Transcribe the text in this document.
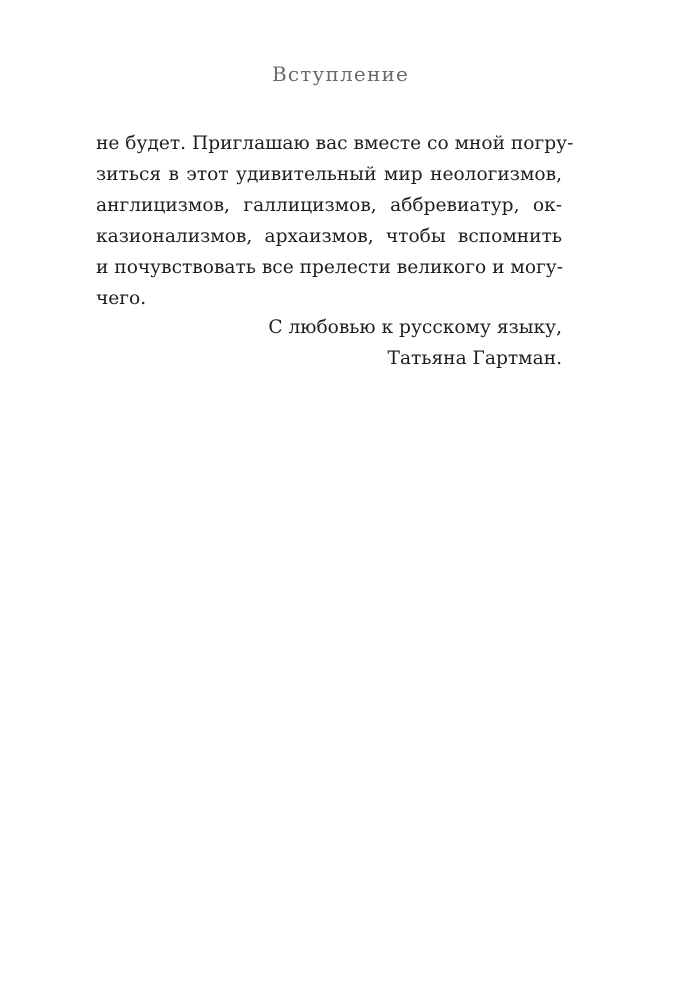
Вступление
не будет. Приглашаю вас вместе со мной погру-
зиться в этот удивительный мир неологизмов,
англицизмов, галлицизмов, аббревиатур, ок-
казионализмов, архаизмов, чтобы вспомнить
и почувствовать все прелести великого и могу-
чего.
С любовью к русскому языку,
Татьяна Гартман.
